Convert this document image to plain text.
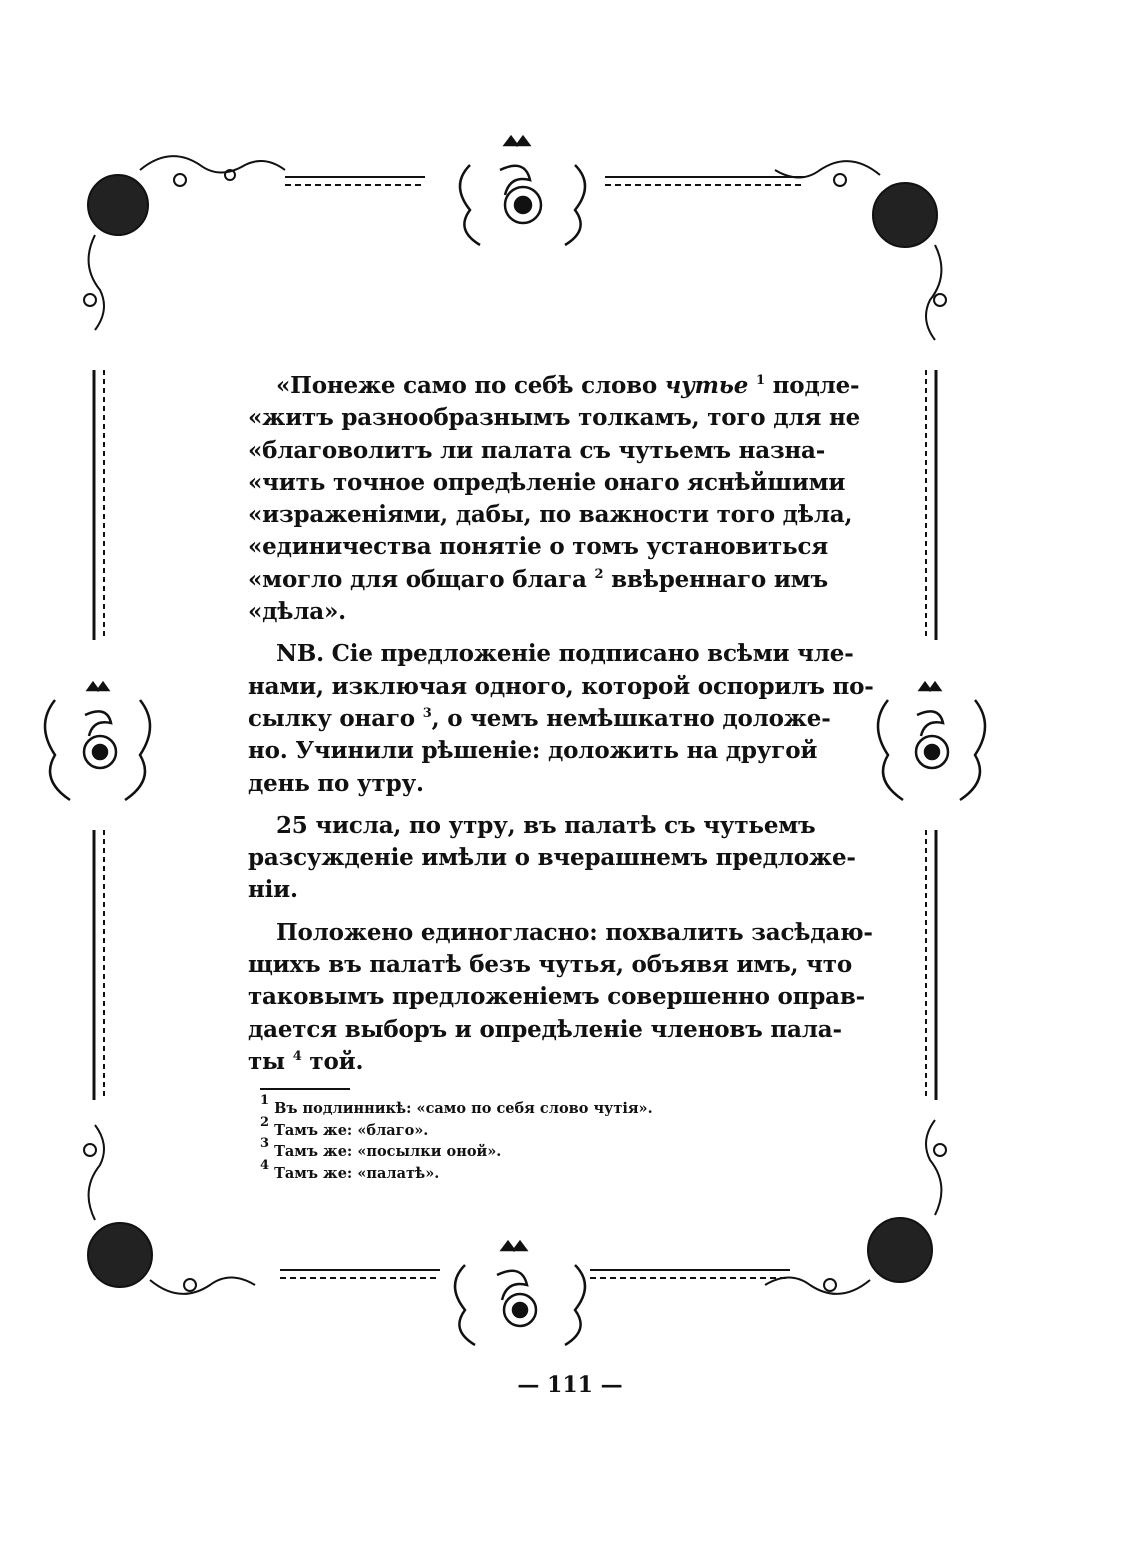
«Понеже само по себѣ слово чутье $^1$ подле-
«житъ разнообразнымъ толкамъ, того для не
«благоволитъ ли палата съ чутьемъ назна-
«чить точное опредѣленіе онаго яснѣйшими
«израженіями, дабы, по важности того дѣла,
«единичества понятіе о томъ установиться
«могло для общаго блага $^2$ ввѣреннаго имъ
«дѣла».

NB. Сіе предложеніе подписано всѣми чле-
нами, изключая одного, которой оспорилъ по-
сылку онаго $^3$, о чемъ немѣшкатно доложе-
но. Учинили рѣшеніе: доложить на другой
день по утру.

25 числа, по утру, въ палатѣ съ чутьемъ
разсужденіе имѣли о вчерашнемъ предложе-
ніи.

Положено единогласно: похвалить засѣдаю-
щихъ въ палатѣ безъ чутья, объявя имъ, что
таковымъ предложеніемъ совершенно оправ-
дается выборъ и опредѣленіе членовъ пала-
ты $^4$ той.

$^1$ Въ подлинникѣ: «само по себя слово чутія».
$^2$ Тамъ же: «благо».
$^3$ Тамъ же: «посылки оной».
$^4$ Тамъ же: «палатѣ».
— 111 —
